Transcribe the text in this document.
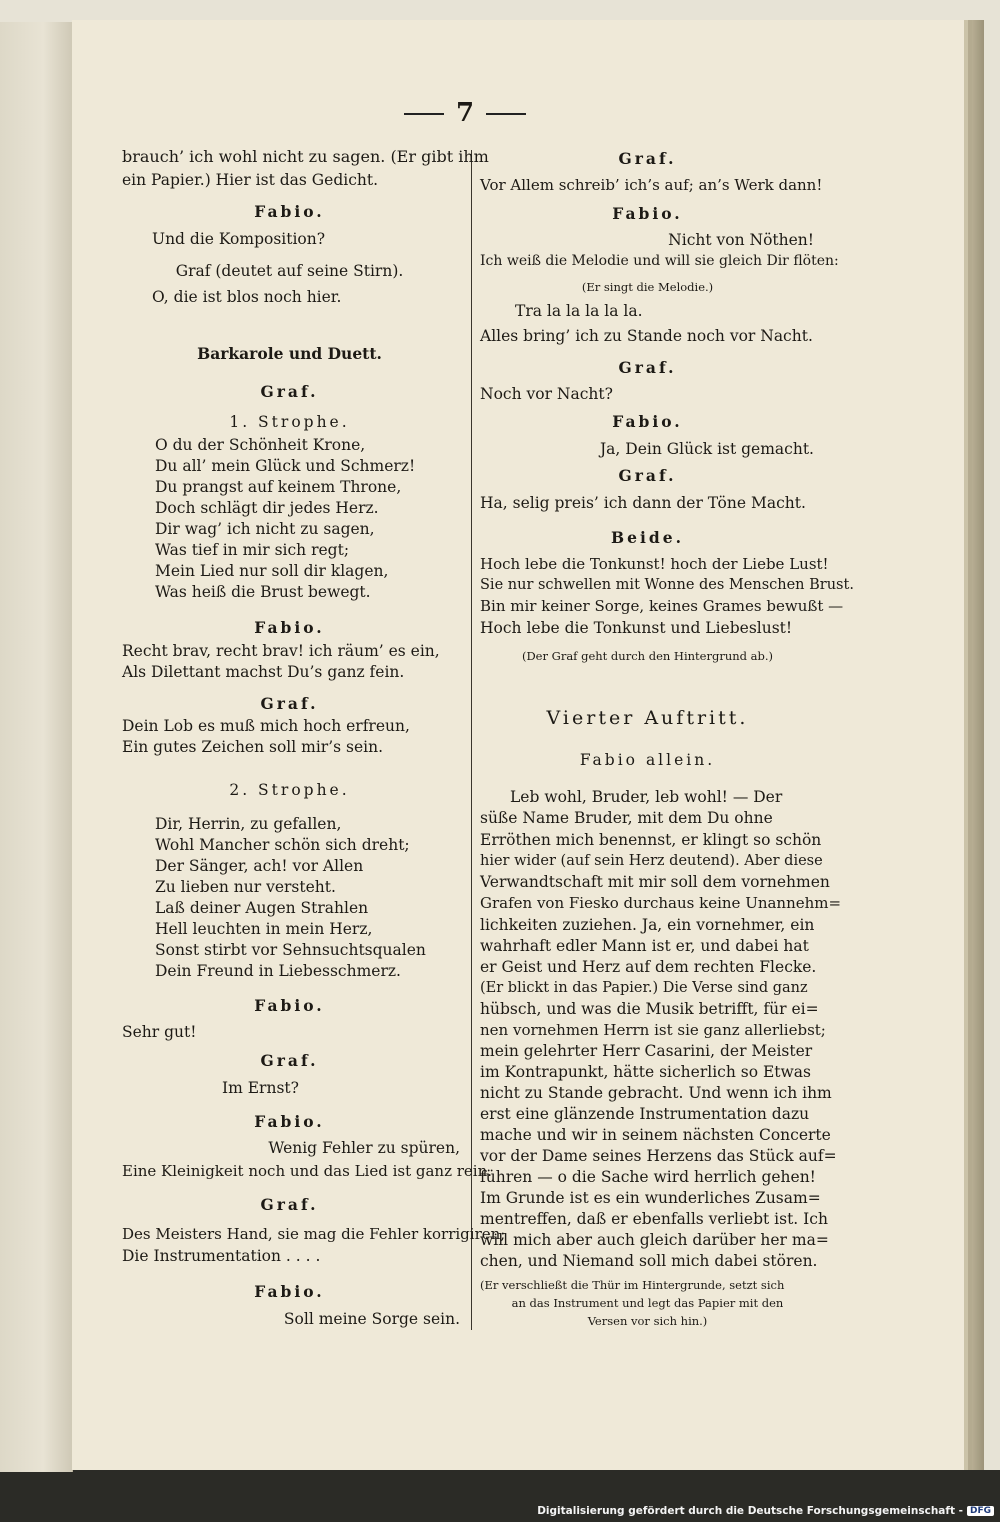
7
brauch’ ich wohl nicht zu sagen. (Er gibt ihm
ein Papier.) Hier ist das Gedicht.
Fabio.
Und die Komposition?
Graf (deutet auf seine Stirn).
O, die ist blos noch hier.
Barkarole und Duett.
Graf.
1. Strophe.
O du der Schönheit Krone,
Du all’ mein Glück und Schmerz!
Du prangst auf keinem Throne,
Doch schlägt dir jedes Herz.
Dir wag’ ich nicht zu sagen,
Was tief in mir sich regt;
Mein Lied nur soll dir klagen,
Was heiß die Brust bewegt.
Fabio.
Recht brav, recht brav! ich räum’ es ein,
Als Dilettant machst Du’s ganz fein.
Graf.
Dein Lob es muß mich hoch erfreun,
Ein gutes Zeichen soll mir’s sein.
2. Strophe.
Dir, Herrin, zu gefallen,
Wohl Mancher schön sich dreht;
Der Sänger, ach! vor Allen
Zu lieben nur versteht.
Laß deiner Augen Strahlen
Hell leuchten in mein Herz,
Sonst stirbt vor Sehnsuchtsqualen
Dein Freund in Liebesschmerz.
Fabio.
Sehr gut!
Graf.
Im Ernst?
Fabio.
Wenig Fehler zu spüren,
Eine Kleinigkeit noch und das Lied ist ganz rein.
Graf.
Des Meisters Hand, sie mag die Fehler korrigiren;
Die Instrumentation . . . .
Fabio.
Soll meine Sorge sein.
Graf.
Vor Allem schreib’ ich’s auf; an’s Werk dann!
Fabio.
Nicht von Nöthen!
Ich weiß die Melodie und will sie gleich Dir flöten:
(Er singt die Melodie.)
Tra la la la la la.
Alles bring’ ich zu Stande noch vor Nacht.
Graf.
Noch vor Nacht?
Fabio.
Ja, Dein Glück ist gemacht.
Graf.
Ha, selig preis’ ich dann der Töne Macht.
Beide.
Hoch lebe die Tonkunst! hoch der Liebe Lust!
Sie nur schwellen mit Wonne des Menschen Brust.
Bin mir keiner Sorge, keines Grames bewußt —
Hoch lebe die Tonkunst und Liebeslust!
(Der Graf geht durch den Hintergrund ab.)
Vierter Auftritt.
Fabio allein.
Leb wohl, Bruder, leb wohl! — Der
süße Name Bruder, mit dem Du ohne
Erröthen mich benennst, er klingt so schön
hier wider (auf sein Herz deutend). Aber diese
Verwandtschaft mit mir soll dem vornehmen
Grafen von Fiesko durchaus keine Unannehm=
lichkeiten zuziehen. Ja, ein vornehmer, ein
wahrhaft edler Mann ist er, und dabei hat
er Geist und Herz auf dem rechten Flecke.
(Er blickt in das Papier.) Die Verse sind ganz
hübsch, und was die Musik betrifft, für ei=
nen vornehmen Herrn ist sie ganz allerliebst;
mein gelehrter Herr Casarini, der Meister
im Kontrapunkt, hätte sicherlich so Etwas
nicht zu Stande gebracht. Und wenn ich ihm
erst eine glänzende Instrumentation dazu
mache und wir in seinem nächsten Concerte
vor der Dame seines Herzens das Stück auf=
führen — o die Sache wird herrlich gehen!
Im Grunde ist es ein wunderliches Zusam=
mentreffen, daß er ebenfalls verliebt ist. Ich
will mich aber auch gleich darüber her ma=
chen, und Niemand soll mich dabei stören.
(Er verschließt die Thür im Hintergrunde, setzt sich
an das Instrument und legt das Papier mit den
Versen vor sich hin.)
Digitalisierung gefördert durch die Deutsche Forschungsgemeinschaft - DFG
